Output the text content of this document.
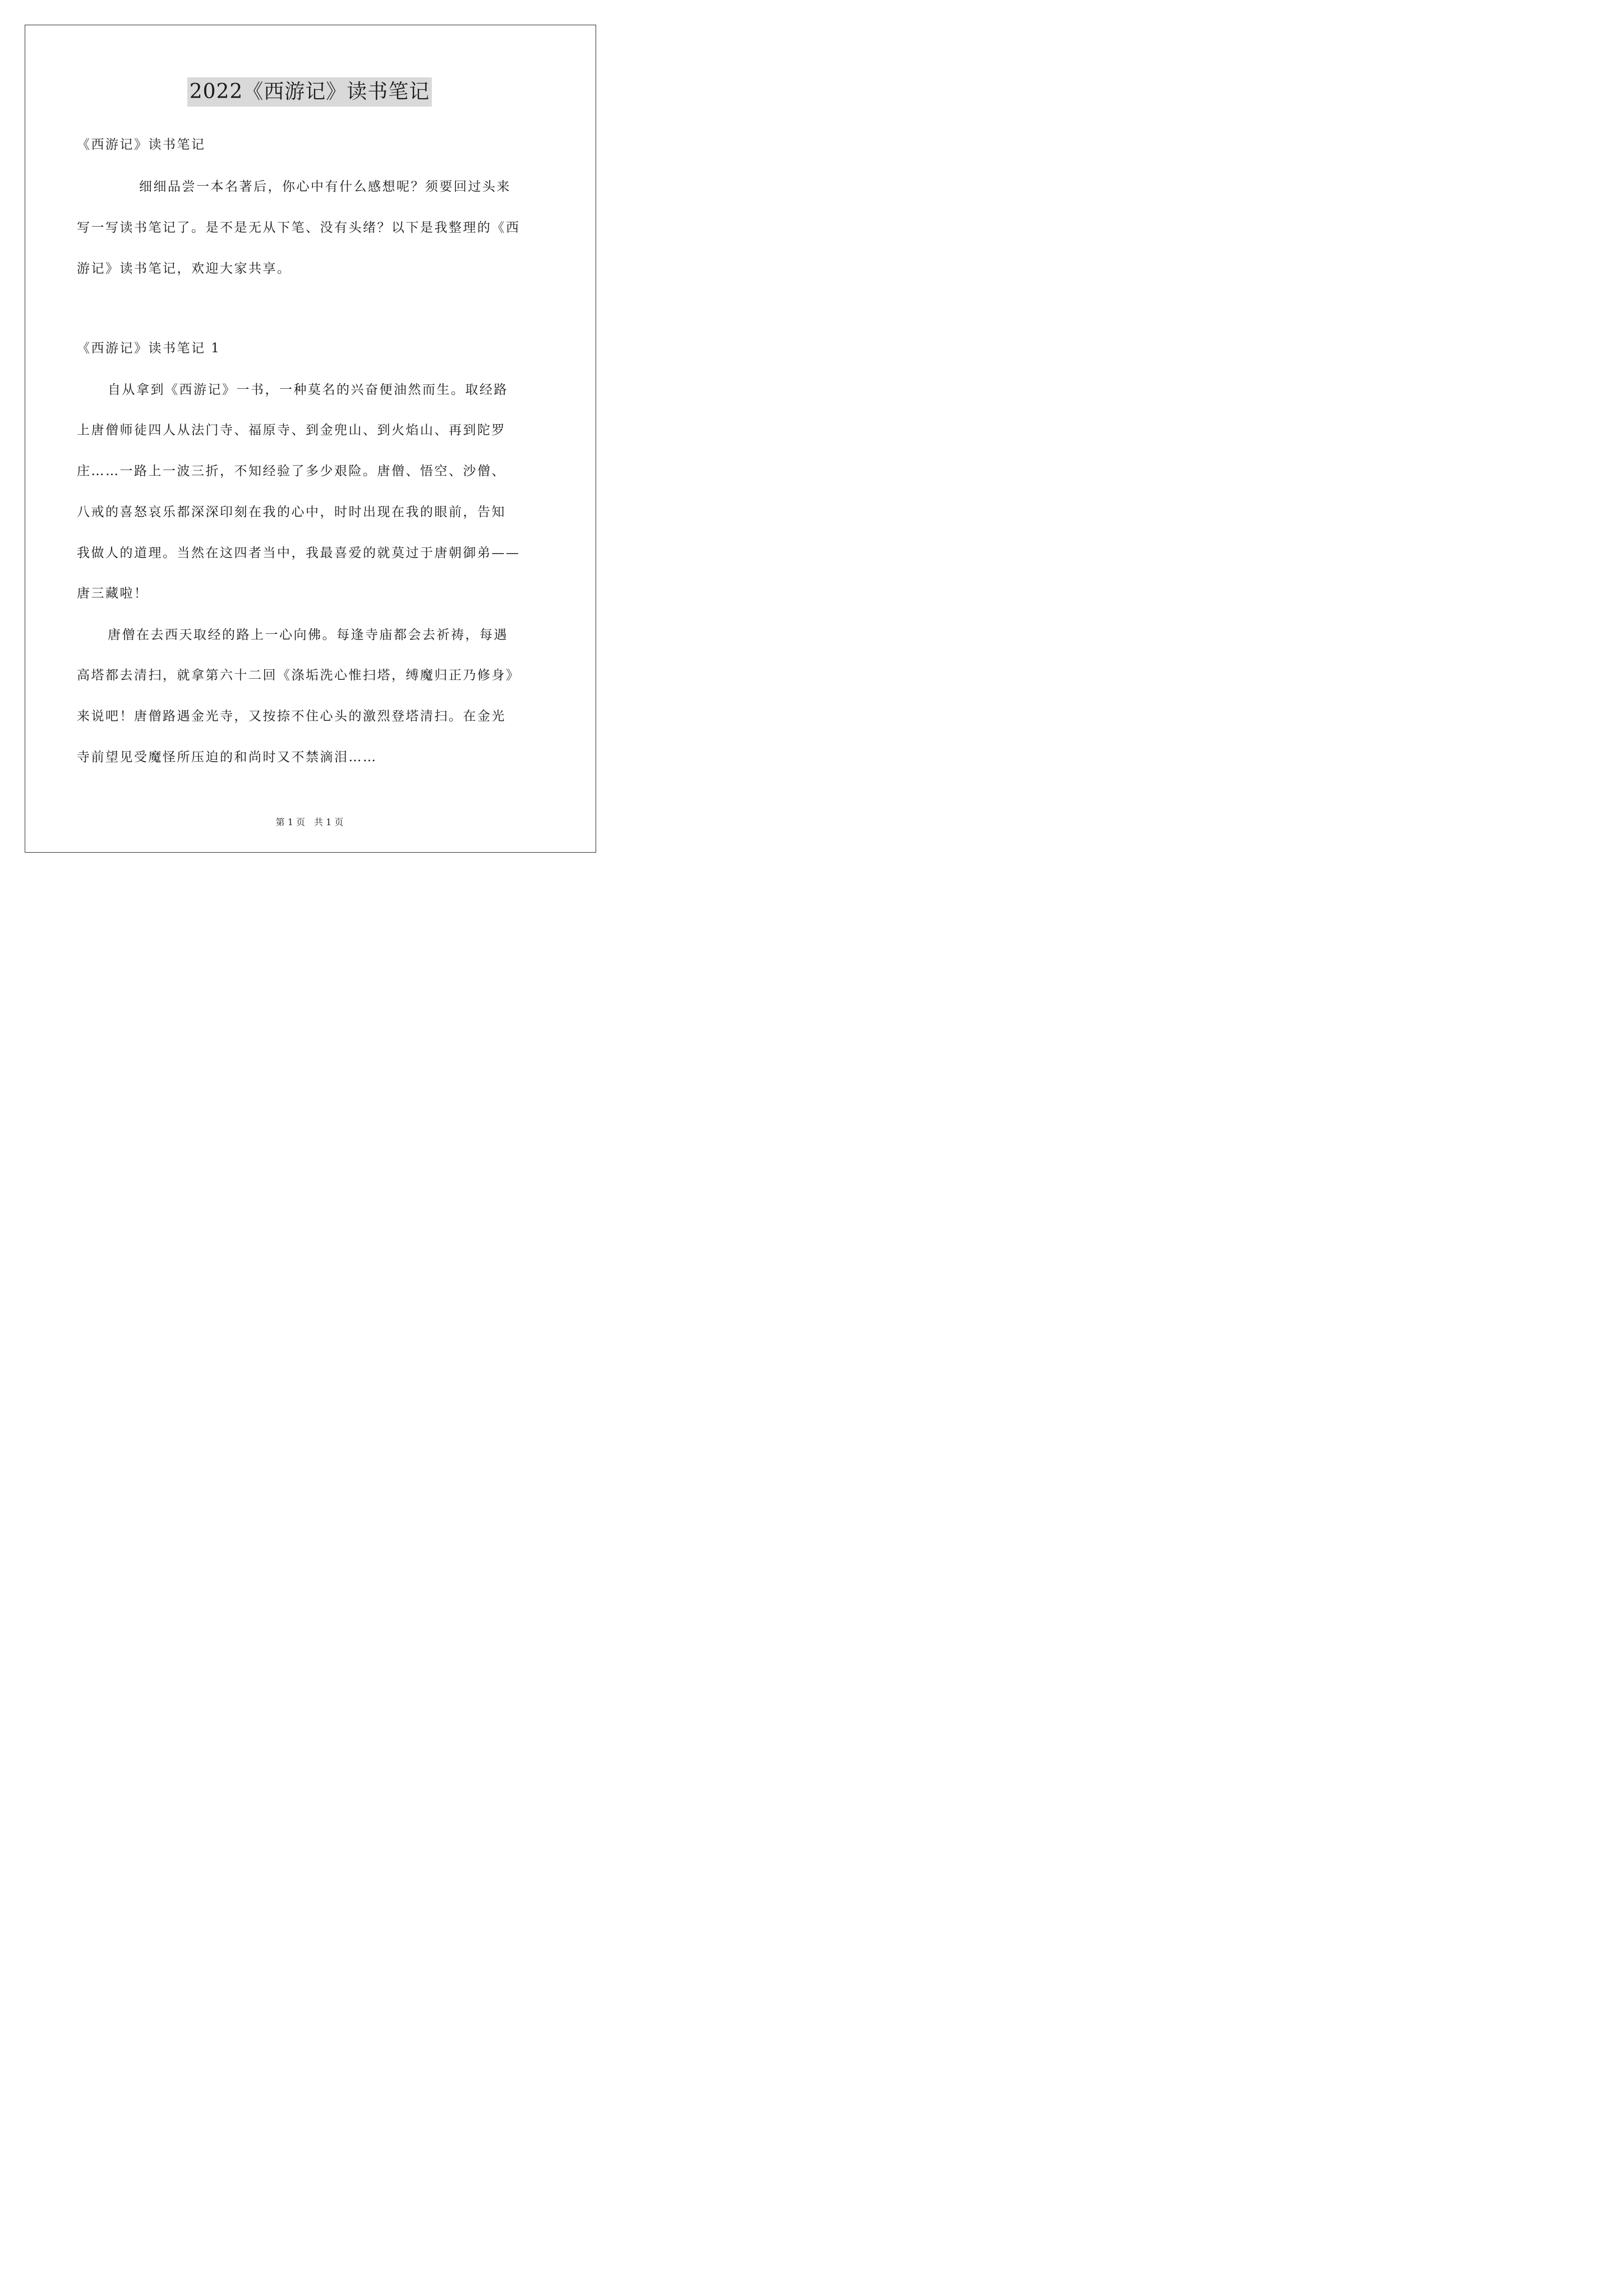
2022《西游记》读书笔记
《西游记》读书笔记
细细品尝一本名著后，你心中有什么感想呢？须要回过头来
写一写读书笔记了。是不是无从下笔、没有头绪？以下是我整理的《西
游记》读书笔记，欢迎大家共享。
《西游记》读书笔记 1
自从拿到《西游记》一书，一种莫名的兴奋便油然而生。取经路
上唐僧师徒四人从法门寺、福原寺、到金兜山、到火焰山、再到陀罗
庄……一路上一波三折，不知经验了多少艰险。唐僧、悟空、沙僧、
八戒的喜怒哀乐都深深印刻在我的心中，时时出现在我的眼前，告知
我做人的道理。当然在这四者当中，我最喜爱的就莫过于唐朝御弟——
唐三藏啦！
唐僧在去西天取经的路上一心向佛。每逢寺庙都会去祈祷，每遇
高塔都去清扫，就拿第六十二回《涤垢洗心惟扫塔，缚魔归正乃修身》
来说吧！唐僧路遇金光寺，又按捺不住心头的激烈登塔清扫。在金光
寺前望见受魔怪所压迫的和尚时又不禁滴泪……
第 1 页　共 1 页
